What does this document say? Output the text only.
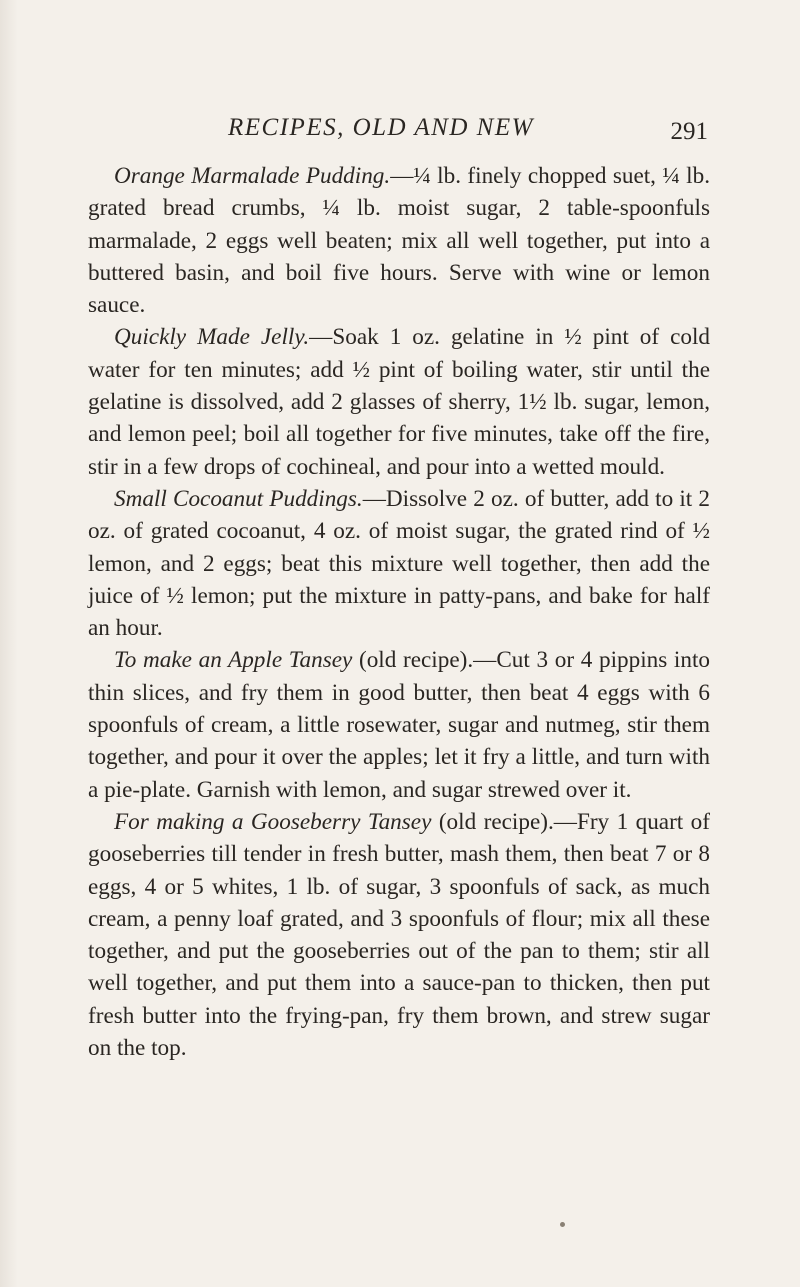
RECIPES, OLD AND NEW	291

Orange Marmalade Pudding.—¼ lb. finely chopped suet, ¼ lb. grated bread crumbs, ¼ lb. moist sugar, 2 table-spoonfuls marmalade, 2 eggs well beaten; mix all well together, put into a buttered basin, and boil five hours. Serve with wine or lemon sauce.

Quickly Made Jelly.—Soak 1 oz. gelatine in ½ pint of cold water for ten minutes; add ½ pint of boiling water, stir until the gelatine is dissolved, add 2 glasses of sherry, 1½ lb. sugar, lemon, and lemon peel; boil all together for five minutes, take off the fire, stir in a few drops of cochineal, and pour into a wetted mould.

Small Cocoanut Puddings.—Dissolve 2 oz. of butter, add to it 2 oz. of grated cocoanut, 4 oz. of moist sugar, the grated rind of ½ lemon, and 2 eggs; beat this mixture well together, then add the juice of ½ lemon; put the mixture in patty-pans, and bake for half an hour.

To make an Apple Tansey (old recipe).—Cut 3 or 4 pippins into thin slices, and fry them in good butter, then beat 4 eggs with 6 spoonfuls of cream, a little rosewater, sugar and nutmeg, stir them together, and pour it over the apples; let it fry a little, and turn with a pie-plate. Garnish with lemon, and sugar strewed over it.

For making a Gooseberry Tansey (old recipe).—Fry 1 quart of gooseberries till tender in fresh butter, mash them, then beat 7 or 8 eggs, 4 or 5 whites, 1 lb. of sugar, 3 spoonfuls of sack, as much cream, a penny loaf grated, and 3 spoonfuls of flour; mix all these together, and put the gooseberries out of the pan to them; stir all well together, and put them into a sauce-pan to thicken, then put fresh butter into the frying-pan, fry them brown, and strew sugar on the top.
